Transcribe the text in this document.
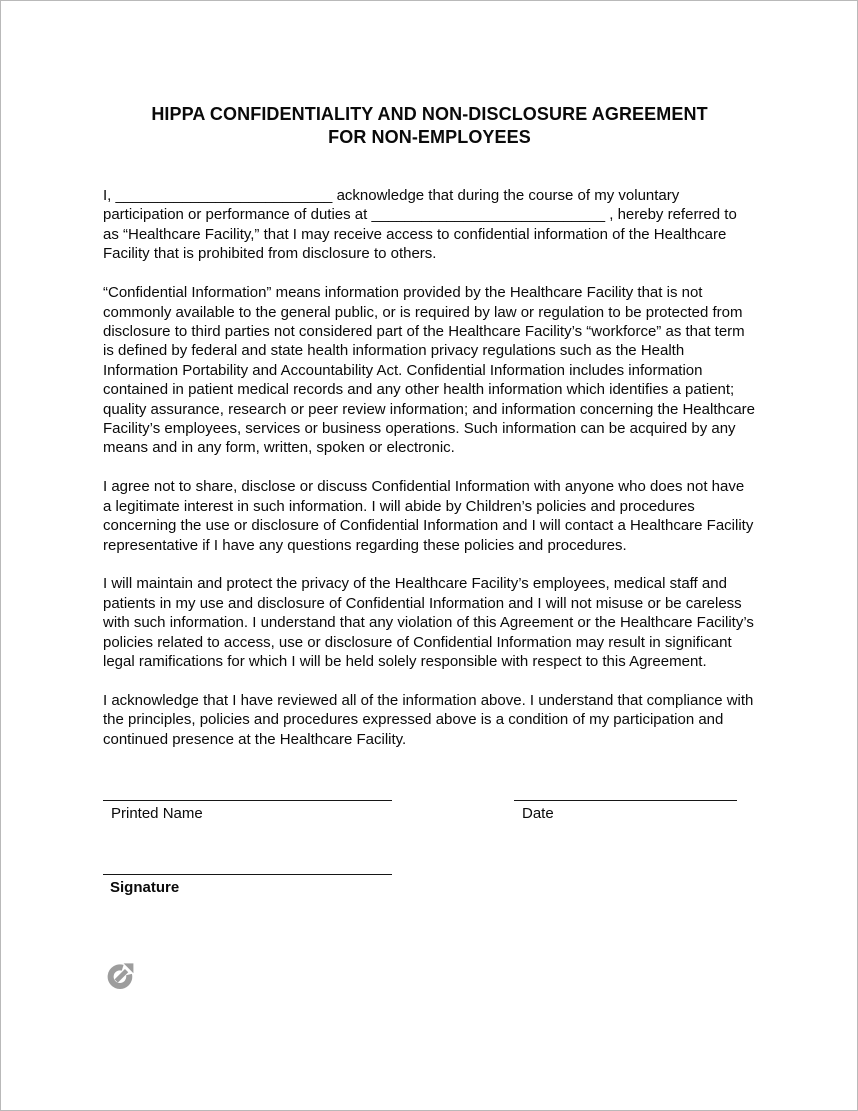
HIPPA CONFIDENTIALITY AND NON-DISCLOSURE AGREEMENT
FOR NON-EMPLOYEES

I, __________________________ acknowledge that during the course of my voluntary participation or performance of duties at ____________________________ , hereby referred to as “Healthcare Facility,” that I may receive access to confidential information of the Healthcare Facility that is prohibited from disclosure to others.

“Confidential Information” means information provided by the Healthcare Facility that is not commonly available to the general public, or is required by law or regulation to be protected from disclosure to third parties not considered part of the Healthcare Facility’s “workforce” as that term is defined by federal and state health information privacy regulations such as the Health Information Portability and Accountability Act. Confidential Information includes information contained in patient medical records and any other health information which identifies a patient; quality assurance, research or peer review information; and information concerning the Healthcare Facility’s employees, services or business operations. Such information can be acquired by any means and in any form, written, spoken or electronic.

I agree not to share, disclose or discuss Confidential Information with anyone who does not have a legitimate interest in such information. I will abide by Children’s policies and procedures concerning the use or disclosure of Confidential Information and I will contact a Healthcare Facility representative if I have any questions regarding these policies and procedures.

I will maintain and protect the privacy of the Healthcare Facility’s employees, medical staff and patients in my use and disclosure of Confidential Information and I will not misuse or be careless with such information. I understand that any violation of this Agreement or the Healthcare Facility’s policies related to access, use or disclosure of Confidential Information may result in significant legal ramifications for which I will be held solely responsible with respect to this Agreement.

I acknowledge that I have reviewed all of the information above. I understand that compliance with the principles, policies and procedures expressed above is a condition of my participation and continued presence at the Healthcare Facility.

Printed Name	Date
Signature
